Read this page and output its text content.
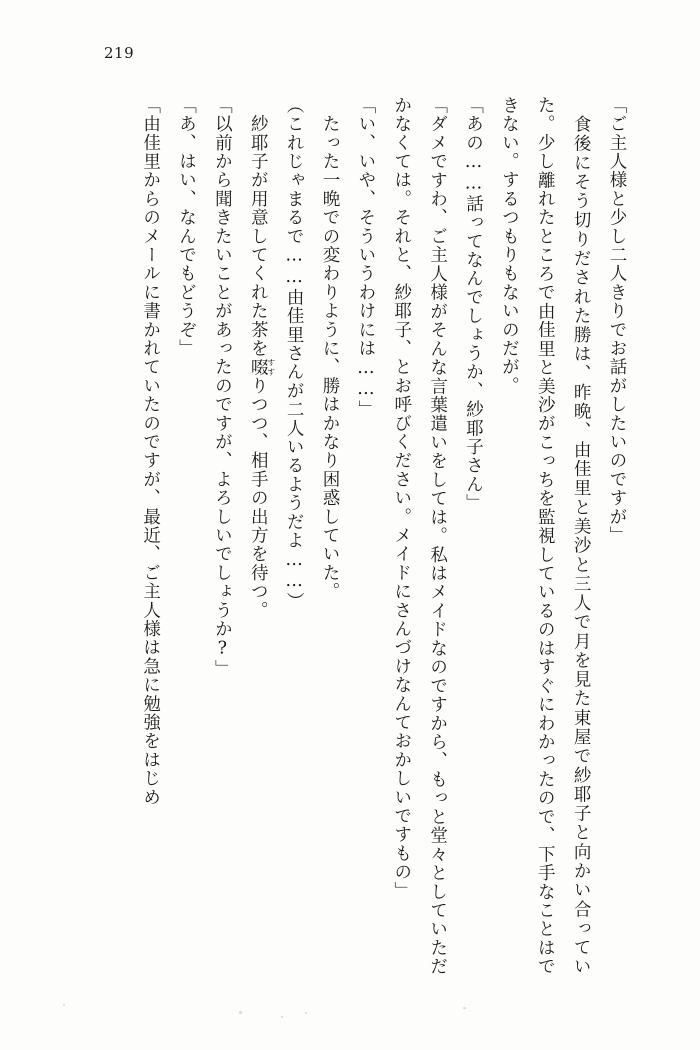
219
「ご主人様と少し二人きりでお話がしたいのですが」
　食後にそう切りだされた勝は、昨晩、由佳里と美沙と三人で月を見た東屋で紗耶子と向かい合っていた。少し離れたところで由佳里と美沙がこっちを監視しているのはすぐにわかったので、下手なことはできない。するつもりもないのだが。
「あの……話ってなんでしょうか、紗耶子さん」
「ダメですわ、ご主人様がそんな言葉遣いをしては。私はメイドなのですから、もっと堂々としていただかなくては。それと、紗耶子、とお呼びください。メイドにさんづけなんておかしいですもの」
「い、いや、そういうわけには……」
　たった一晩での変わりように、勝はかなり困惑していた。
（これじゃまるで……由佳里さんが二人いるようだよ……）
　紗耶子が用意してくれた茶を啜すすりつつ、相手の出方を待つ。
「以前から聞きたいことがあったのですが、よろしいでしょうか?」
「あ、はい、なんでもどうぞ」
「由佳里からのメールに書かれていたのですが、最近、ご主人様は急に勉強をはじめ
